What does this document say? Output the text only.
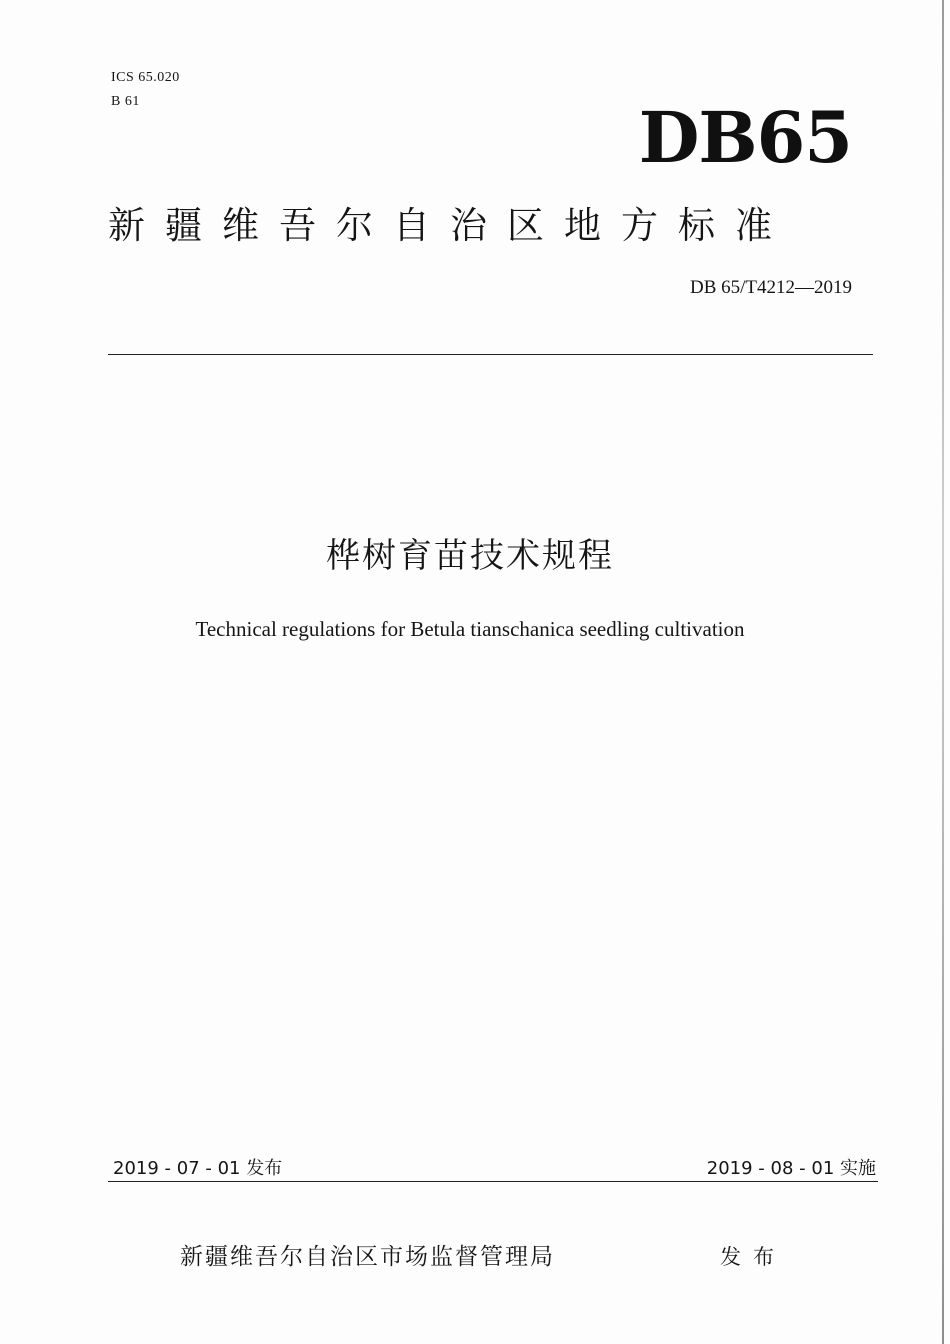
ICS 65.020
B 61	DB65
新疆维吾尔自治区地方标准
DB 65/T4212—2019
桦树育苗技术规程
Technical regulations for Betula tianschanica seedling cultivation
2019 - 07 - 01 发布	2019 - 08 - 01 实施
新疆维吾尔自治区市场监督管理局	发布
